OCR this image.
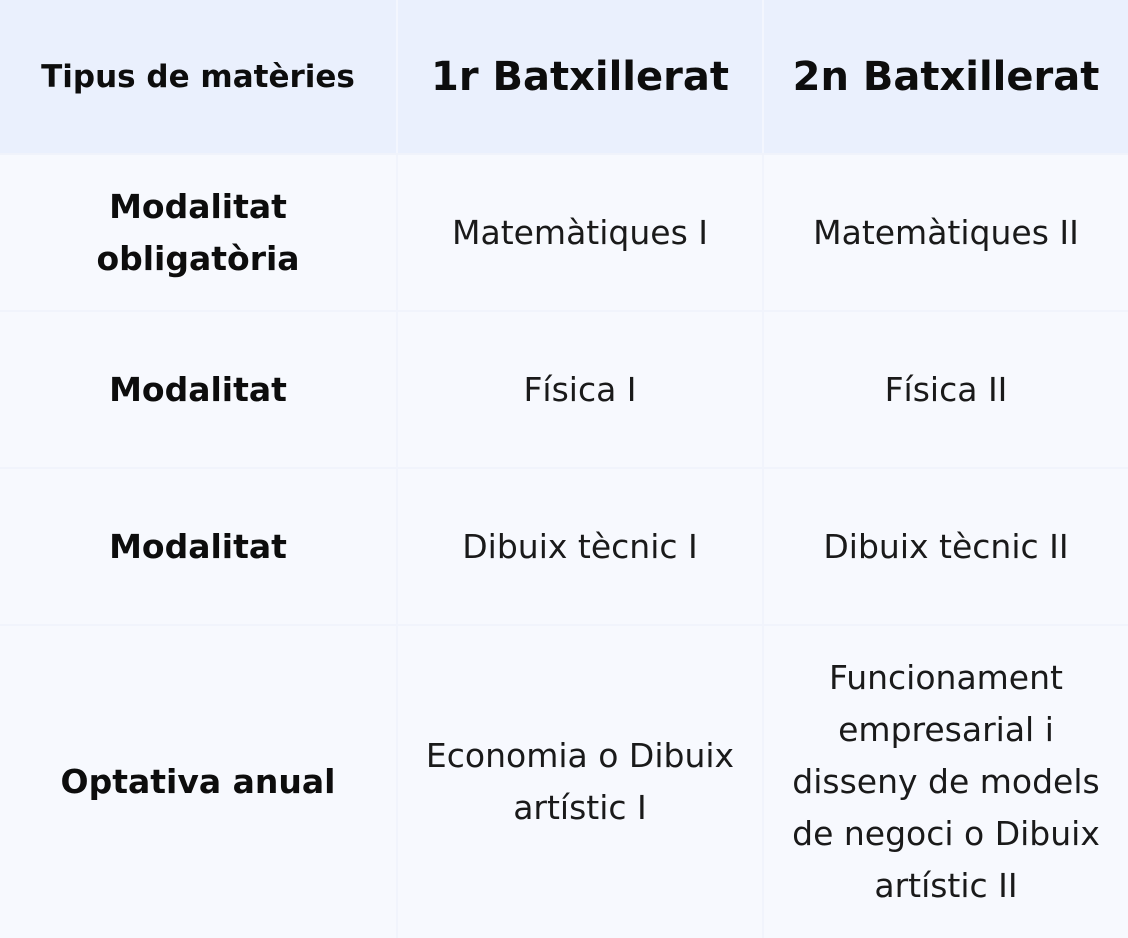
Tipus de matèries	1r Batxillerat	2n Batxillerat
Modalitat obligatòria	Matemàtiques I	Matemàtiques II
Modalitat	Física I	Física II
Modalitat	Dibuix tècnic I	Dibuix tècnic II
Optativa anual	Economia o Dibuix artístic I	Funcionament empresarial i disseny de models de negoci o Dibuix artístic II
